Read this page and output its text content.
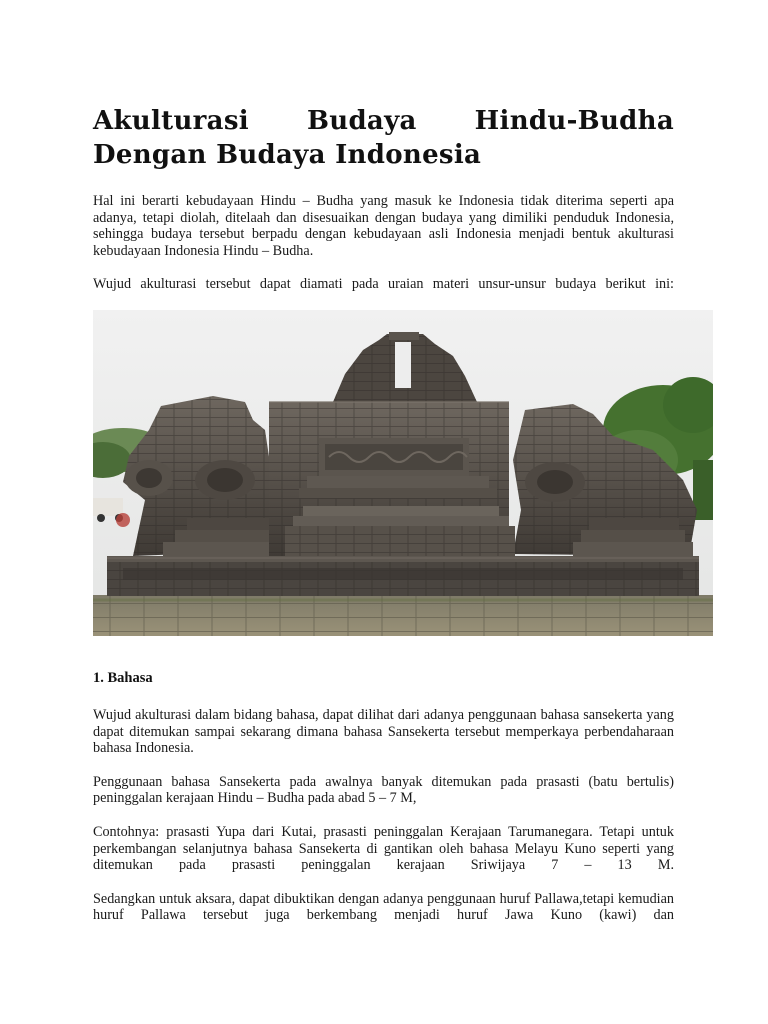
Akulturasi Budaya Hindu-Budha Dengan Budaya Indonesia

Hal ini berarti kebudayaan Hindu – Budha yang masuk ke Indonesia tidak diterima seperti apa adanya, tetapi diolah, ditelaah dan disesuaikan dengan budaya yang dimiliki penduduk Indonesia, sehingga budaya tersebut berpadu dengan kebudayaan asli Indonesia menjadi bentuk akulturasi kebudayaan Indonesia Hindu – Budha.

Wujud akulturasi tersebut dapat diamati pada uraian materi unsur-unsur budaya berikut ini:

1. Bahasa

Wujud akulturasi dalam bidang bahasa, dapat dilihat dari adanya penggunaan bahasa sansekerta yang dapat ditemukan sampai sekarang dimana bahasa Sansekerta tersebut memperkaya perbendaharaan bahasa Indonesia.

Penggunaan bahasa Sansekerta pada awalnya banyak ditemukan pada prasasti (batu bertulis) peninggalan kerajaan Hindu – Budha pada abad 5 – 7 M,

Contohnya: prasasti Yupa dari Kutai, prasasti peninggalan Kerajaan Tarumanegara. Tetapi untuk perkembangan selanjutnya bahasa Sansekerta di gantikan oleh bahasa Melayu Kuno seperti yang ditemukan pada prasasti peninggalan kerajaan Sriwijaya 7 – 13 M.

Sedangkan untuk aksara, dapat dibuktikan dengan adanya penggunaan huruf Pallawa,tetapi kemudian huruf Pallawa tersebut juga berkembang menjadi huruf Jawa Kuno (kawi) dan
